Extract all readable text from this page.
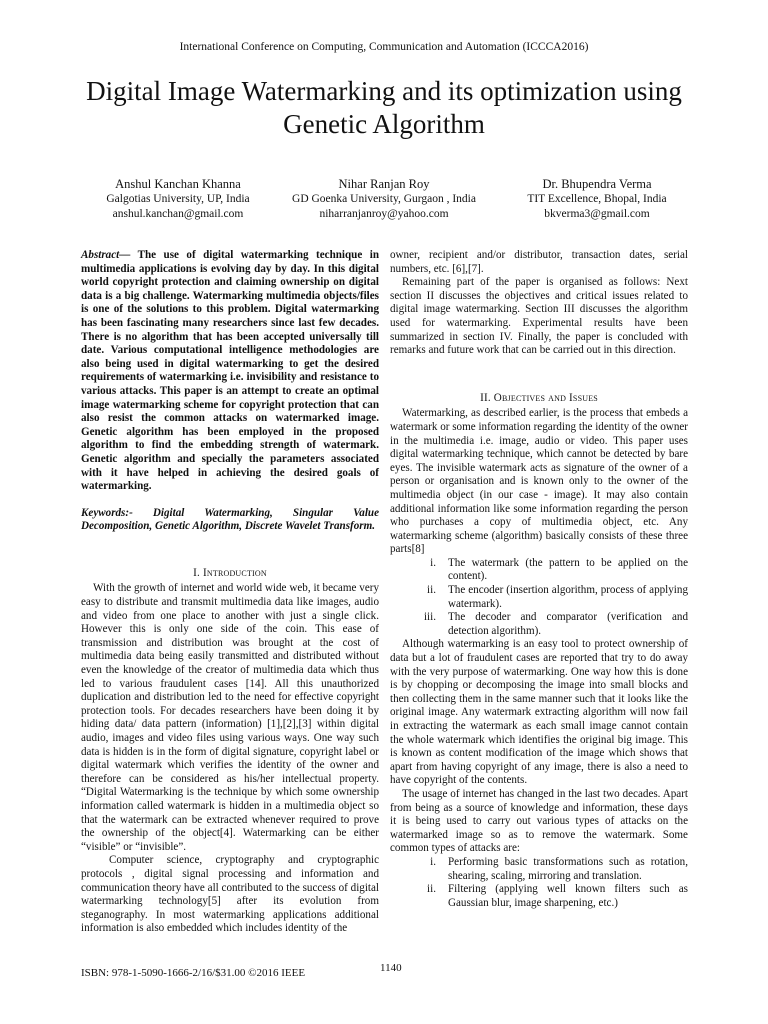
International Conference on Computing, Communication and Automation (ICCCA2016)
Digital Image Watermarking and its optimization using Genetic Algorithm
Anshul Kanchan Khanna
Galgotias University, UP, India
anshul.kanchan@gmail.com
Nihar Ranjan Roy
GD Goenka University, Gurgaon , India
niharranjanroy@yahoo.com
Dr. Bhupendra Verma
TIT Excellence, Bhopal, India
bkverma3@gmail.com

Abstract— The use of digital watermarking technique in multimedia applications is evolving day by day. In this digital world copyright protection and claiming ownership on digital data is a big challenge. Watermarking multimedia objects/files is one of the solutions to this problem. Digital watermarking has been fascinating many researchers since last few decades. There is no algorithm that has been accepted universally till date. Various computational intelligence methodologies are also being used in digital watermarking to get the desired requirements of watermarking i.e. invisibility and resistance to various attacks. This paper is an attempt to create an optimal image watermarking scheme for copyright protection that can also resist the common attacks on watermarked image. Genetic algorithm has been employed in the proposed algorithm to find the embedding strength of watermark. Genetic algorithm and specially the parameters associated with it have helped in achieving the desired goals of watermarking.

Keywords:- Digital Watermarking, Singular Value Decomposition, Genetic Algorithm, Discrete Wavelet Transform.

I. Introduction

With the growth of internet and world wide web, it became very easy to distribute and transmit multimedia data like images, audio and video from one place to another with just a single click. However this is only one side of the coin. This ease of transmission and distribution was brought at the cost of multimedia data being easily transmitted and distributed without even the knowledge of the creator of multimedia data which thus led to various fraudulent cases [14]. All this unauthorized duplication and distribution led to the need for effective copyright protection tools. For decades researchers have been doing it by hiding data/ data pattern (information) [1],[2],[3] within digital audio, images and video files using various ways. One way such data is hidden is in the form of digital signature, copyright label or digital watermark which verifies the identity of the owner and therefore can be considered as his/her intellectual property. “Digital Watermarking is the technique by which some ownership information called watermark is hidden in a multimedia object so that the watermark can be extracted whenever required to prove the ownership of the object[4]. Watermarking can be either “visible” or “invisible”.

Computer science, cryptography and cryptographic protocols , digital signal processing and information and communication theory have all contributed to the success of digital watermarking technology[5] after its evolution from steganography. In most watermarking applications additional information is also embedded which includes identity of the

owner, recipient and/or distributor, transaction dates, serial numbers, etc. [6],[7].

Remaining part of the paper is organised as follows: Next section II discusses the objectives and critical issues related to digital image watermarking. Section III discusses the algorithm used for watermarking. Experimental results have been summarized in section IV. Finally, the paper is concluded with remarks and future work that can be carried out in this direction.

II. Objectives and Issues

Watermarking, as described earlier, is the process that embeds a watermark or some information regarding the identity of the owner in the multimedia i.e. image, audio or video. This paper uses digital watermarking technique, which cannot be detected by bare eyes. The invisible watermark acts as signature of the owner of a person or organisation and is known only to the owner of the multimedia object (in our case - image). It may also contain additional information like some information regarding the person who purchases a copy of multimedia object, etc. Any watermarking scheme (algorithm) basically consists of these three parts[8]

i.	The watermark (the pattern to be applied on the content).
ii.	The encoder (insertion algorithm, process of applying watermark).
iii.	The decoder and comparator (verification and detection algorithm).

Although watermarking is an easy tool to protect ownership of data but a lot of fraudulent cases are reported that try to do away with the very purpose of watermarking. One way how this is done is by chopping or decomposing the image into small blocks and then collecting them in the same manner such that it looks like the original image. Any watermark extracting algorithm will now fail in extracting the watermark as each small image cannot contain the whole watermark which identifies the original big image. This is known as content modification of the image which shows that apart from having copyright of any image, there is also a need to have copyright of the contents.

The usage of internet has changed in the last two decades. Apart from being as a source of knowledge and information, these days it is being used to carry out various types of attacks on the watermarked image so as to remove the watermark. Some common types of attacks are:

i.	Performing basic transformations such as rotation, shearing, scaling, mirroring and translation.
ii.	Filtering (applying well known filters such as Gaussian blur, image sharpening, etc.)
ISBN: 978-1-5090-1666-2/16/$31.00 ©2016 IEEE	1140
